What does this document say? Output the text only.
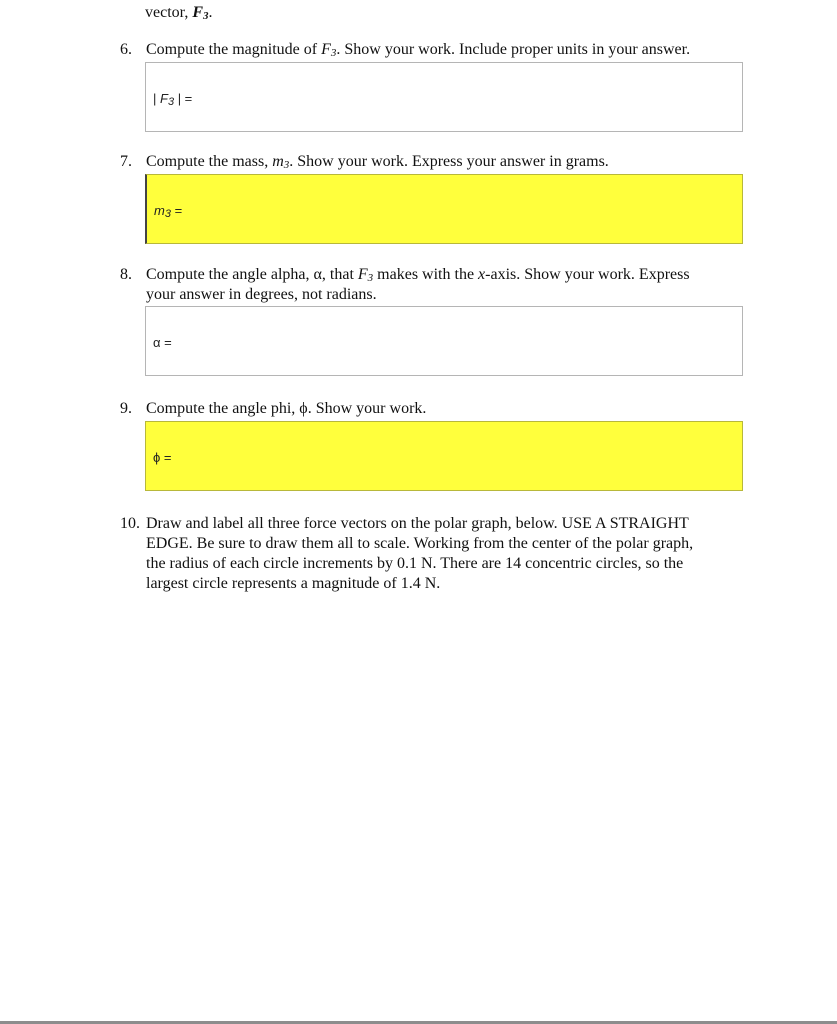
vector, $F_3$.
6. Compute the magnitude of $F_3$. Show your work. Include proper units in your answer.
| $F_3$ | =
7. Compute the mass, $m_3$. Show your work. Express your answer in grams.
$m_3$ =
8. Compute the angle alpha, α, that $F_3$ makes with the x-axis. Show your work. Express
your answer in degrees, not radians.
α =
9. Compute the angle phi, ϕ. Show your work.
ϕ =
10. Draw and label all three force vectors on the polar graph, below. USE A STRAIGHT
EDGE. Be sure to draw them all to scale. Working from the center of the polar graph,
the radius of each circle increments by 0.1 N. There are 14 concentric circles, so the
largest circle represents a magnitude of 1.4 N.
